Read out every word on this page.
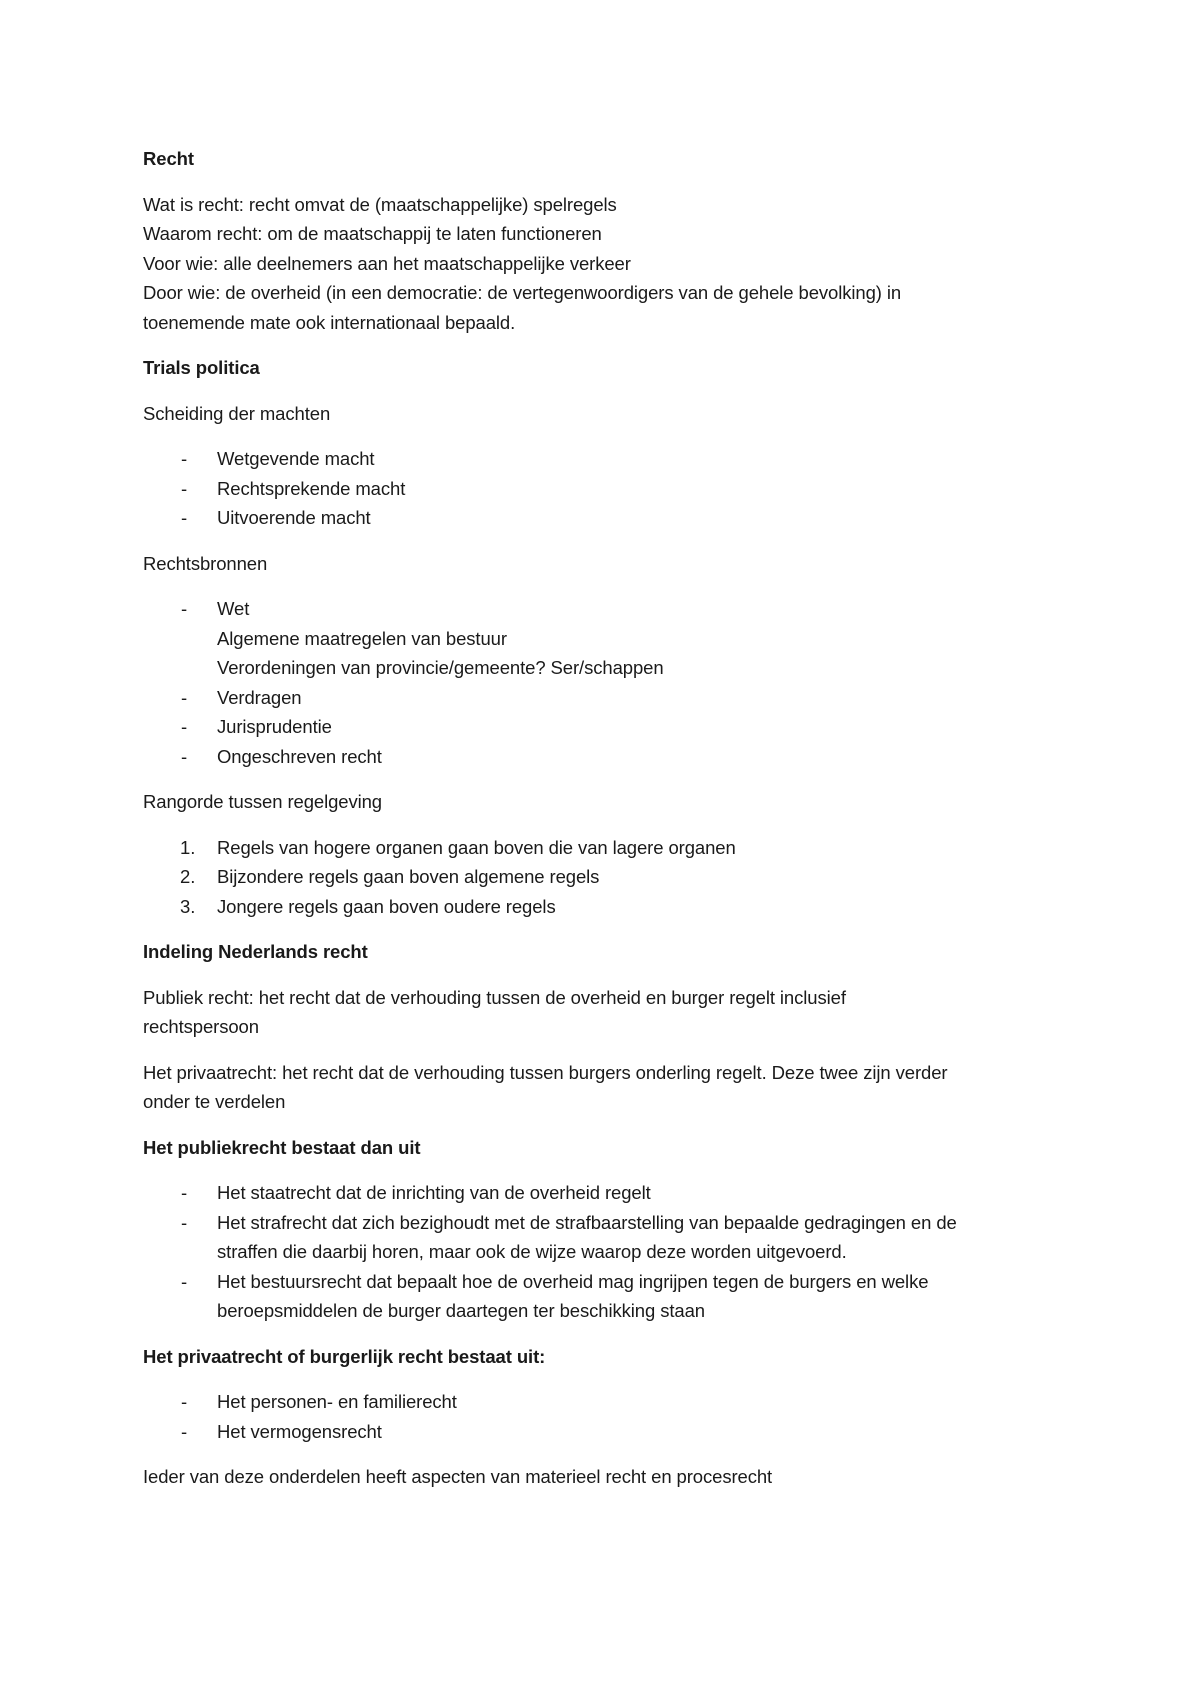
Recht

Wat is recht: recht omvat de (maatschappelijke) spelregels

Waarom recht: om de maatschappij te laten functioneren

Voor wie: alle deelnemers aan het maatschappelijke verkeer

Door wie: de overheid (in een democratie: de vertegenwoordigers van de gehele bevolking) in

toenemende mate ook internationaal bepaald.

Trials politica

Scheiding der machten

-	Wetgevende macht
-	Rechtsprekende macht
-	Uitvoerende macht

Rechtsbronnen

-	Wet
Algemene maatregelen van bestuur
Verordeningen van provincie/gemeente? Ser/schappen
-	Verdragen
-	Jurisprudentie
-	Ongeschreven recht

Rangorde tussen regelgeving

1.	Regels van hogere organen gaan boven die van lagere organen
2.	Bijzondere regels gaan boven algemene regels
3.	Jongere regels gaan boven oudere regels

Indeling Nederlands recht

Publiek recht: het recht dat de verhouding tussen de overheid en burger regelt inclusief

rechtspersoon

Het privaatrecht: het recht dat de verhouding tussen burgers onderling regelt. Deze twee zijn verder

onder te verdelen

Het publiekrecht bestaat dan uit

-	Het staatrecht dat de inrichting van de overheid regelt
-	Het strafrecht dat zich bezighoudt met de strafbaarstelling van bepaalde gedragingen en de
straffen die daarbij horen, maar ook de wijze waarop deze worden uitgevoerd.
-	Het bestuursrecht dat bepaalt hoe de overheid mag ingrijpen tegen de burgers en welke
beroepsmiddelen de burger daartegen ter beschikking staan

Het privaatrecht of burgerlijk recht bestaat uit:

-	Het personen- en familierecht
-	Het vermogensrecht

Ieder van deze onderdelen heeft aspecten van materieel recht en procesrecht
